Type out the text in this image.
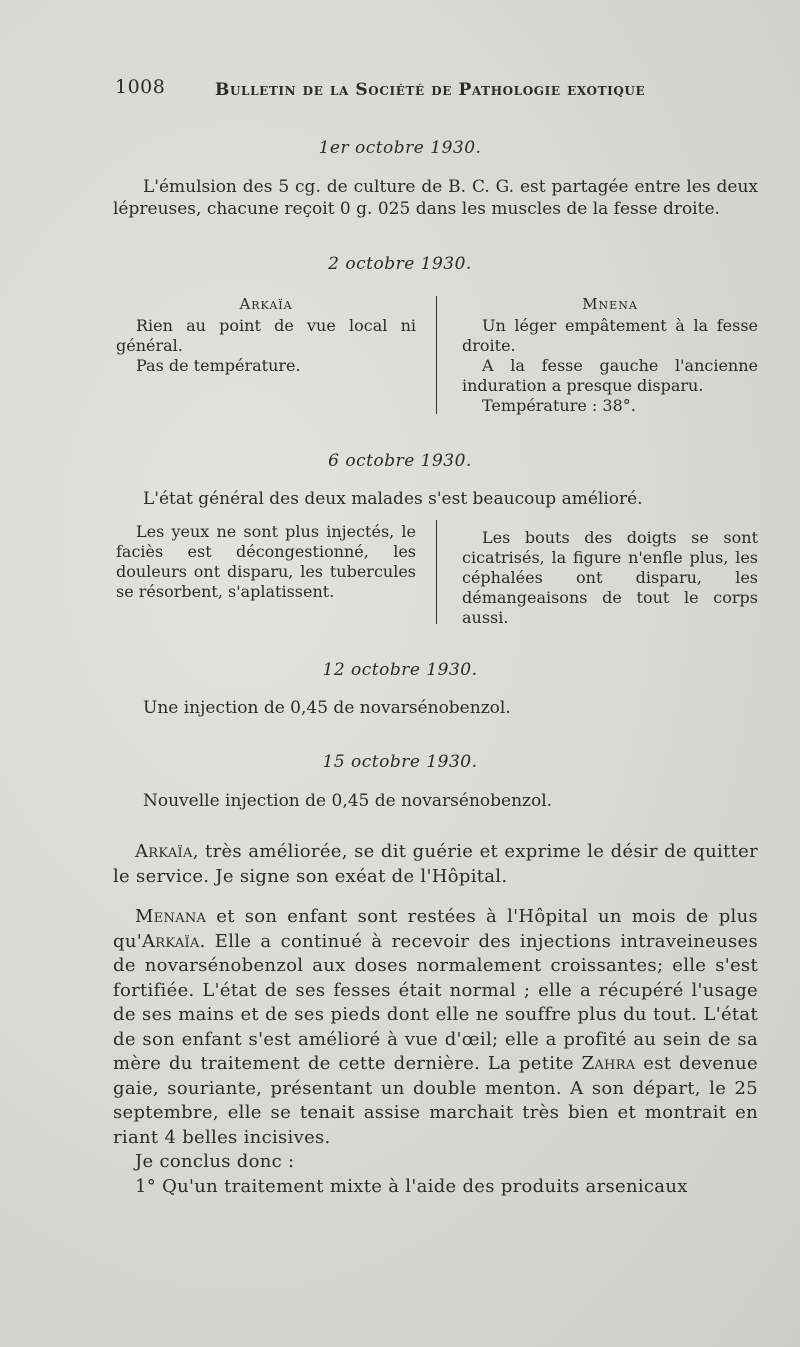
1008	Bulletin de la Société de Pathologie exotique
1er octobre 1930.

L'émulsion des 5 cg. de culture de B. C. G. est partagée entre les deux lépreuses, chacune reçoit 0 g. 025 dans les muscles de la fesse droite.

2 octobre 1930.
Arkaïa

Rien au point de vue local ni général.

Pas de température.

Mnena

Un léger empâtement à la fesse droite.

A la fesse gauche l'ancienne induration a presque disparu.

Température : 38°.

6 octobre 1930.

L'état général des deux malades s'est beaucoup amélioré.

Les yeux ne sont plus injectés, le faciès est décongestionné, les douleurs ont disparu, les tubercules se résorbent, s'aplatissent.

Les bouts des doigts se sont cicatrisés, la figure n'enfle plus, les céphalées ont disparu, les démangeaisons de tout le corps aussi.

12 octobre 1930.

Une injection de 0,45 de novarsénobenzol.

15 octobre 1930.

Nouvelle injection de 0,45 de novarsénobenzol.

Arkaïa, très améliorée, se dit guérie et exprime le désir de quitter le service. Je signe son exéat de l'Hôpital.

Menana et son enfant sont restées à l'Hôpital un mois de plus qu'Arkaïa. Elle a continué à recevoir des injections intraveineuses de novarsénobenzol aux doses normalement croissantes; elle s'est fortifiée. L'état de ses fesses était normal ; elle a récupéré l'usage de ses mains et de ses pieds dont elle ne souffre plus du tout. L'état de son enfant s'est amélioré à vue d'œil; elle a profité au sein de sa mère du traitement de cette dernière. La petite Zahra est devenue gaie, souriante, présentant un double menton. A son départ, le 25 septembre, elle se tenait assise marchait très bien et montrait en riant 4 belles incisives.

Je conclus donc :

1° Qu'un traitement mixte à l'aide des produits arsenicaux
